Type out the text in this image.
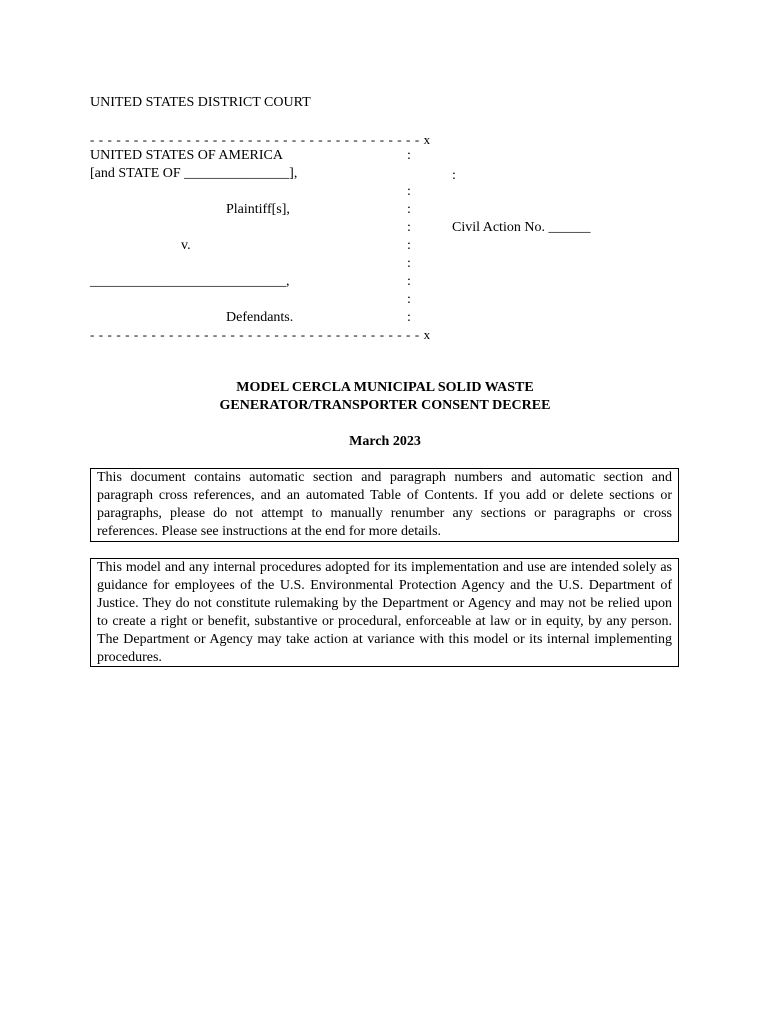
UNITED STATES DISTRICT COURT
- - - - - - - - - - - - - - - - - - - - - - - - - - - - - - - - - - - - - - x
UNITED STATES OF AMERICA
[and STATE OF _______________],
Plaintiff[s],
v.
____________________________,
Defendants.
:
:
:
:
:
:
:
:
:
:
Civil Action No. ______
- - - - - - - - - - - - - - - - - - - - - - - - - - - - - - - - - - - - - - x
MODEL CERCLA MUNICIPAL SOLID WASTE
GENERATOR/TRANSPORTER CONSENT DECREE
March 2023
This document contains automatic section and paragraph numbers and automatic section and paragraph cross references, and an automated Table of Contents. If you add or delete sections or paragraphs, please do not attempt to manually renumber any sections or paragraphs or cross references. Please see instructions at the end for more details.
This model and any internal procedures adopted for its implementation and use are intended solely as guidance for employees of the U.S. Environmental Protection Agency and the U.S. Department of Justice. They do not constitute rulemaking by the Department or Agency and may not be relied upon to create a right or benefit, substantive or procedural, enforceable at law or in equity, by any person. The Department or Agency may take action at variance with this model or its internal implementing procedures.
